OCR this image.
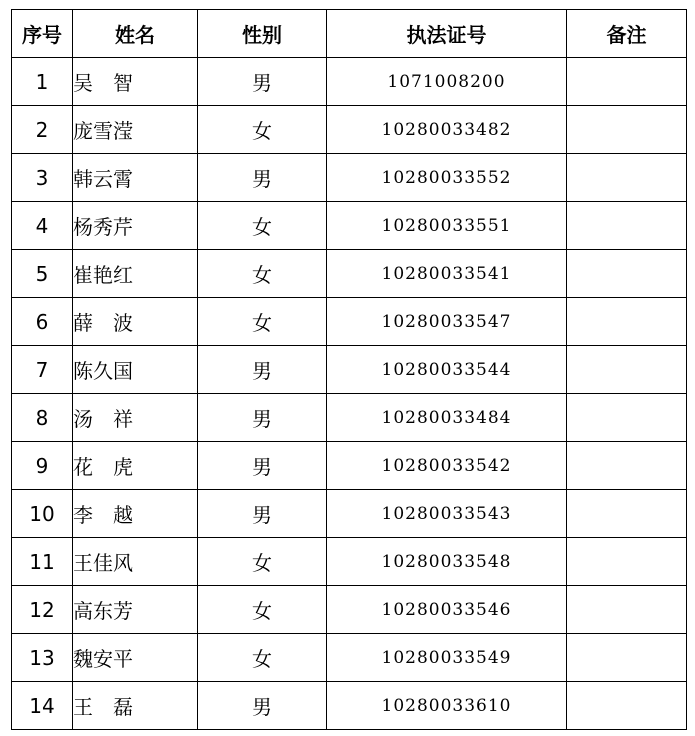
序号	姓名	性别	执法证号	备注
1	吴　智	男	1071008200	
2	庞雪滢	女	10280033482	
3	韩云霄	男	10280033552	
4	杨秀芹	女	10280033551	
5	崔艳红	女	10280033541	
6	薛　波	女	10280033547	
7	陈久国	男	10280033544	
8	汤　祥	男	10280033484	
9	花　虎	男	10280033542	
10	李　越	男	10280033543	
11	王佳风	女	10280033548	
12	高东芳	女	10280033546	
13	魏安平	女	10280033549	
14	王　磊	男	10280033610	
